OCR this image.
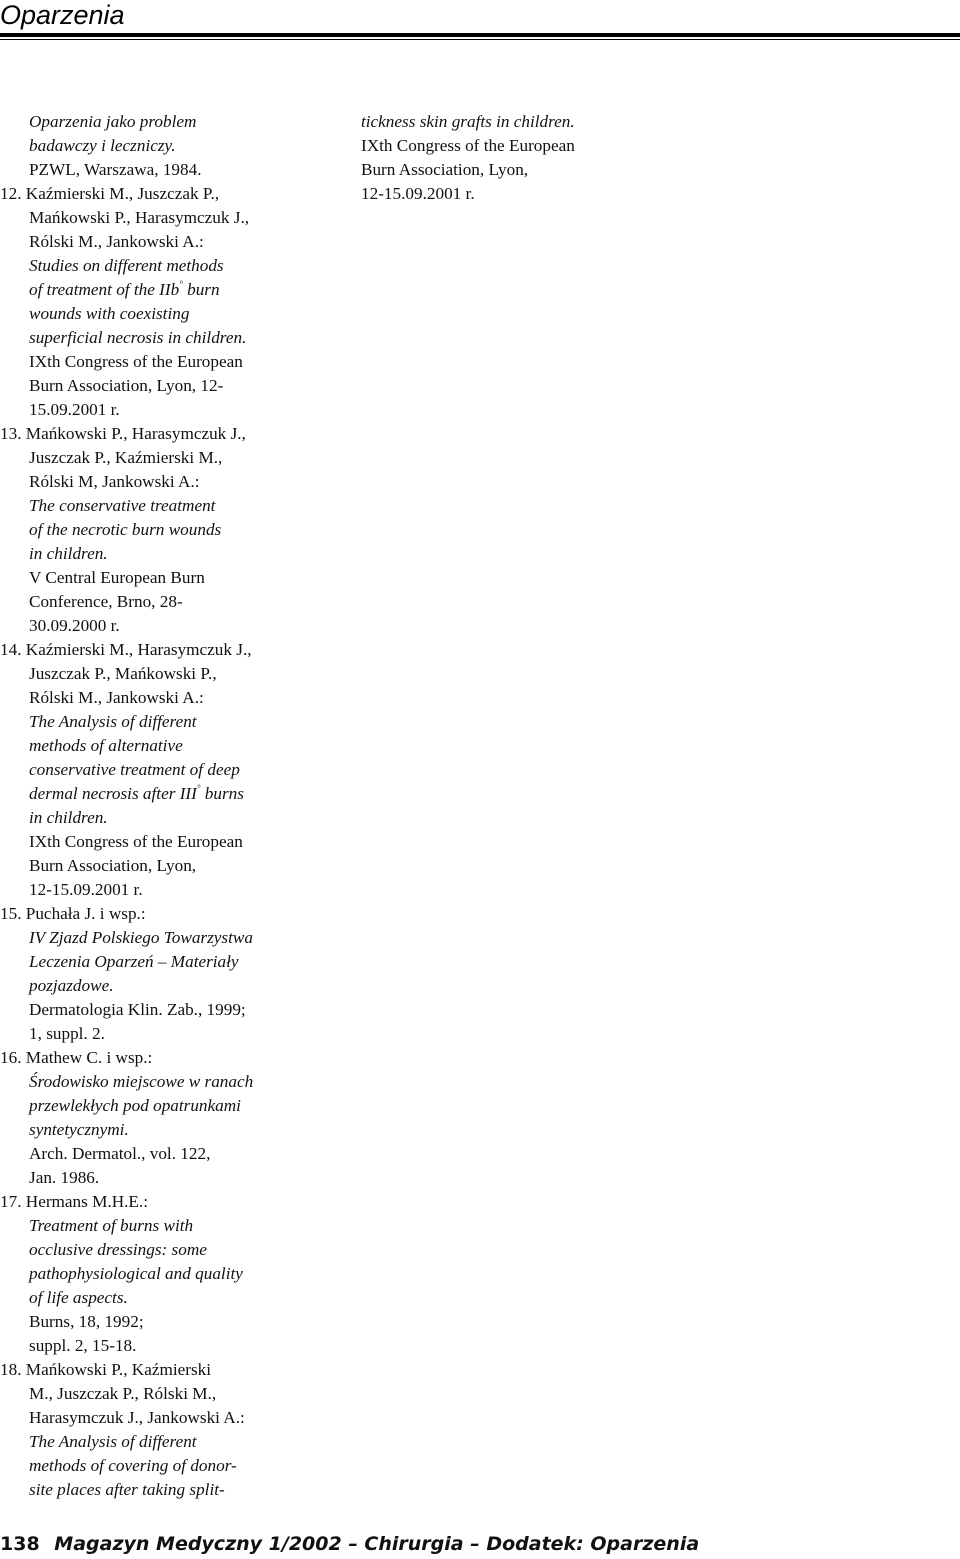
Oparzenia
Oparzenia jako problem
badawczy i leczniczy.
PZWL, Warszawa, 1984.
12. Kaźmierski M., Juszczak P.,
Mańkowski P., Harasymczuk J.,
Rólski M., Jankowski A.:
Studies on different methods
of treatment of the IIb° burn
wounds with coexisting
superficial necrosis in children.
IXth Congress of the European
Burn Association, Lyon, 12-
15.09.2001 r.
13. Mańkowski P., Harasymczuk J.,
Juszczak P., Kaźmierski M.,
Rólski M, Jankowski A.:
The conservative treatment
of the necrotic burn wounds
in children.
V Central European Burn
Conference, Brno, 28-
30.09.2000 r.
14. Kaźmierski M., Harasymczuk J.,
Juszczak P., Mańkowski P.,
Rólski M., Jankowski A.:
The Analysis of different
methods of alternative
conservative treatment of deep
dermal necrosis after III° burns
in children.
IXth Congress of the European
Burn Association, Lyon,
12-15.09.2001 r.
15. Puchała J. i wsp.:
IV Zjazd Polskiego Towarzystwa
Leczenia Oparzeń – Materiały
pozjazdowe.
Dermatologia Klin. Zab., 1999;
1, suppl. 2.
16. Mathew C. i wsp.:
Środowisko miejscowe w ranach
przewlekłych pod opatrunkami
syntetycznymi.
Arch. Dermatol., vol. 122,
Jan. 1986.
17. Hermans M.H.E.:
Treatment of burns with
occlusive dressings: some
pathophysiological and quality
of life aspects.
Burns, 18, 1992;
suppl. 2, 15-18.
18. Mańkowski P., Kaźmierski
M., Juszczak P., Rólski M.,
Harasymczuk J., Jankowski A.:
The Analysis of different
methods of covering of donor-
site places after taking split-
tickness skin grafts in children.
IXth Congress of the European
Burn Association, Lyon,
12-15.09.2001 r.
138 Magazyn Medyczny 1/2002 – Chirurgia – Dodatek: Oparzenia
